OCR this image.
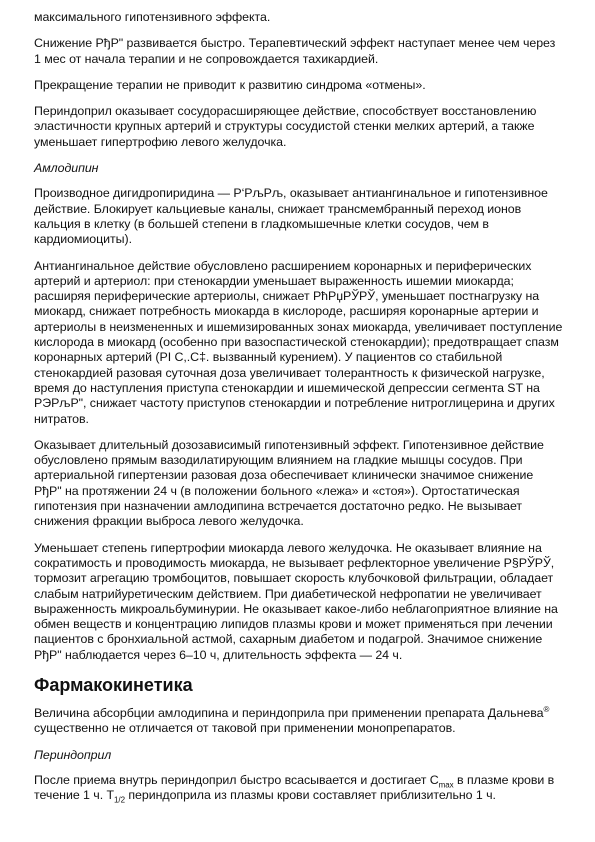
максимального гипотензивного эффекта.

Снижение РђР" развивается быстро. Терапевтический эффект наступает менее чем через 1 мес от начала терапии и не сопровождается тахикардией.

Прекращение терапии не приводит к развитию синдрома «отмены».

Периндоприл оказывает сосудорасширяющее действие, способствует восстановлению эластичности крупных артерий и структуры сосудистой стенки мелких артерий, а также уменьшает гипертрофию левого желудочка.

Амлодипин

Производное дигидропиридина — Р‘РљРљ, оказывает антиангинальное и гипотензивное действие. Блокирует кальциевые каналы, снижает трансмембранный переход ионов кальция в клетку (в большей степени в гладкомышечные клетки сосудов, чем в кардиомиоциты).

Антиангинальное действие обусловлено расширением коронарных и периферических артерий и артериол: при стенокардии уменьшает выраженность ишемии миокарда; расширяя периферические артериолы, снижает РћРџРЎРЎ, уменьшает постнагрузку на миокард, снижает потребность миокарда в кислороде, расширяя коронарные артерии и артериолы в неизмененных и ишемизированных зонах миокарда, увеличивает поступление кислорода в миокард (особенно при вазоспастической стенокардии); предотвращает спазм коронарных артерий (РI С,.С‡. вызванный курением). У пациентов со стабильной стенокардией разовая суточная доза увеличивает толерантность к физической нагрузке, время до наступления приступа стенокардии и ишемической депрессии сегмента ST на РЭРљР", снижает частоту приступов стенокардии и потребление нитроглицерина и других нитратов.

Оказывает длительный дозозависимый гипотензивный эффект. Гипотензивное действие обусловлено прямым вазодилатирующим влиянием на гладкие мышцы сосудов. При артериальной гипертензии разовая доза обеспечивает клинически значимое снижение РђР" на протяжении 24 ч (в положении больного «лежа» и «стоя»). Ортостатическая гипотензия при назначении амлодипина встречается достаточно редко. Не вызывает снижения фракции выброса левого желудочка.

Уменьшает степень гипертрофии миокарда левого желудочка. Не оказывает влияние на сократимость и проводимость миокарда, не вызывает рефлекторное увеличение Р§РЎРЎ, тормозит агрегацию тромбоцитов, повышает скорость клубочковой фильтрации, обладает слабым натрийуретическим действием. При диабетической нефропатии не увеличивает выраженность микроальбуминурии. Не оказывает какое-либо неблагоприятное влияние на обмен веществ и концентрацию липидов плазмы крови и может применяться при лечении пациентов с бронхиальной астмой, сахарным диабетом и подагрой. Значимое снижение РђР" наблюдается через 6–10 ч, длительность эффекта — 24 ч.

Фармакокинетика

Величина абсорбции амлодипина и периндоприла при применении препарата Дальнева® существенно не отличается от таковой при применении монопрепаратов.

Периндоприл

После приема внутрь периндоприл быстро всасывается и достигает $C_{max}$ в плазме крови в течение 1 ч. $T_{1/2}$ периндоприла из плазмы крови составляет приблизительно 1 ч.
